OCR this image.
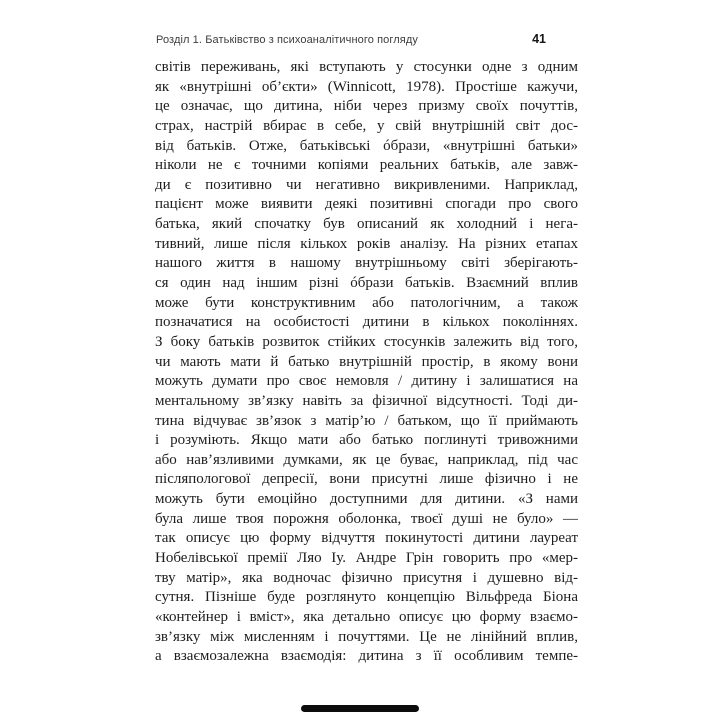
Розділ 1. Батьківство з психоаналітичного погляду	41
світів переживань, які вступають у стосунки одне з одним
як «внутрішні об’єкти» (Winnicott, 1978). Простіше кажучи,
це означає, що дитина, ніби через призму своїх почуттів,
страх, настрій вбирає в себе, у свій внутрішній світ дос-
від батьків. Отже, батьківські óбрази, «внутрішні батьки»
ніколи не є точними копіями реальних батьків, але завж-
ди є позитивно чи негативно викривленими. Наприклад,
пацієнт може виявити деякі позитивні спогади про свого
батька, який спочатку був описаний як холодний і нега-
тивний, лише після кількох років аналізу. На різних етапах
нашого життя в нашому внутрішньому світі зберігають-
ся один над іншим різні óбрази батьків. Взаємний вплив
може бути конструктивним або патологічним, а також
позначатися на особистості дитини в кількох поколіннях.
З боку батьків розвиток стійких стосунків залежить від того,
чи мають мати й батько внутрішній простір, в якому вони
можуть думати про своє немовля / дитину і залишатися на
ментальному зв’язку навіть за фізичної відсутності. Тоді ди-
тина відчуває зв’язок з матір’ю / батьком, що її приймають
і розуміють. Якщо мати або батько поглинуті тривожними
або нав’язливими думками, як це буває, наприклад, під час
післяпологової депресії, вони присутні лише фізично і не
можуть бути емоційно доступними для дитини. «З нами
була лише твоя порожня оболонка, твоєї душі не було» —
так описує цю форму відчуття покинутості дитини лауреат
Нобелівської премії Ляо Іу. Андре Грін говорить про «мер-
тву матір», яка водночас фізично присутня і душевно від-
сутня. Пізніше буде розглянуто концепцію Вільфреда Біона
«контейнер і вміст», яка детально описує цю форму взаємо-
зв’язку між мисленням і почуттями. Це не лінійний вплив,
а взаємозалежна взаємодія: дитина з її особливим темпе-
